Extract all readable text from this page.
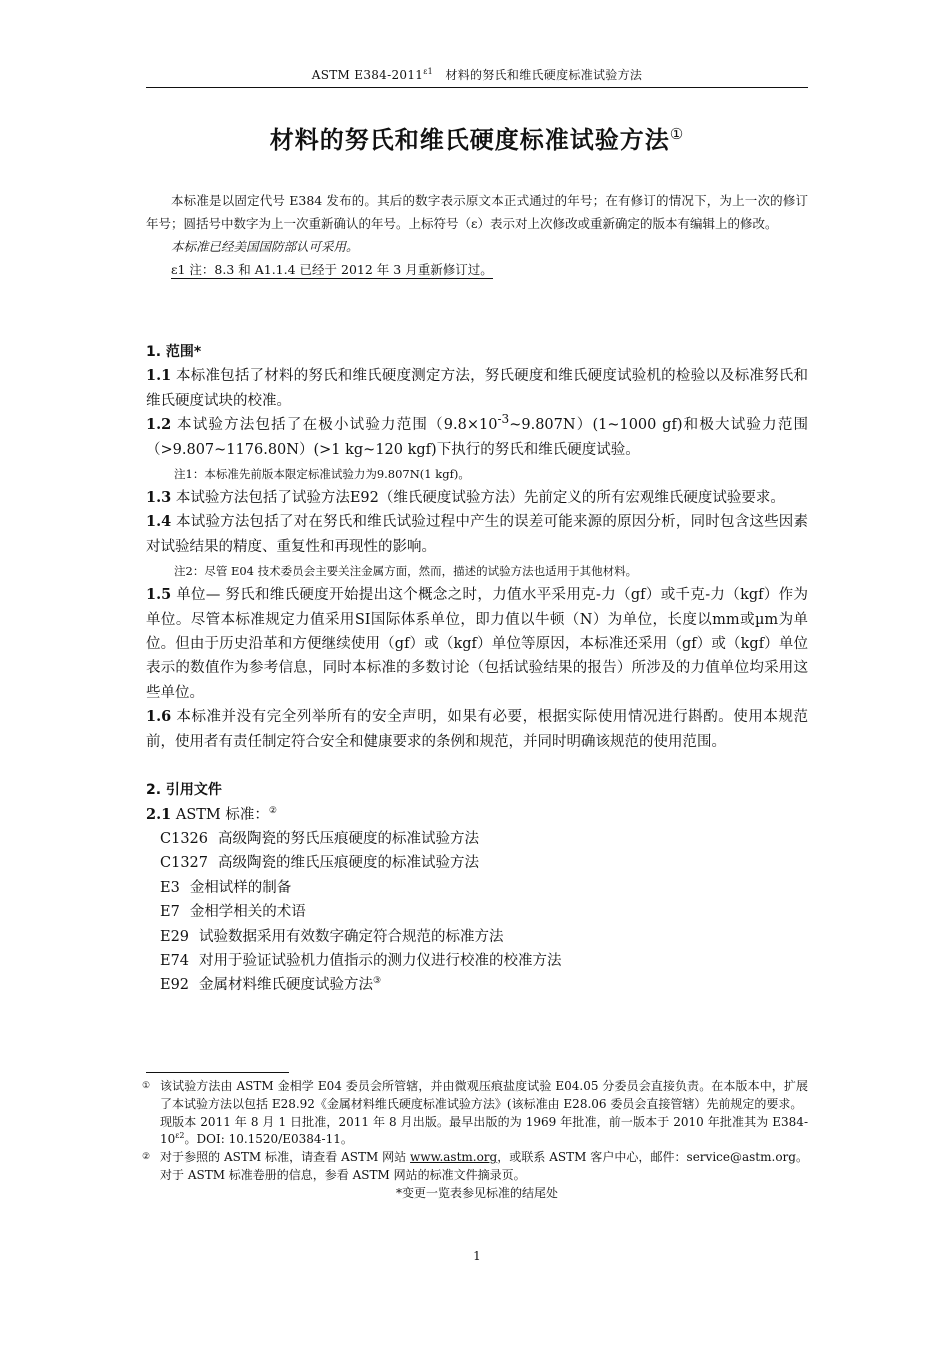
ASTM $E384-2011^{\varepsilon 1}$ 材料的努氏和维氏硬度标准试验方法
材料的努氏和维氏硬度标准试验方法①

本标准是以固定代号 E384 发布的。其后的数字表示原文本正式通过的年号；在有修订的情况下，为上一次的修订年号；圆括号中数字为上一次重新确认的年号。上标符号（ε）表示对上次修改或重新确定的版本有编辑上的修改。

本标准已经美国国防部认可采用。

ε1 注：8.3 和 A1.1.4 已经于 2012 年 3 月重新修订过。

1. 范围*

1.1 本标准包括了材料的努氏和维氏硬度测定方法，努氏硬度和维氏硬度试验机的检验以及标准努氏和维氏硬度试块的校准。

1.2 本试验方法包括了在极小试验力范围$(9.8\times 10^{-3}\sim 9.807N)(1\sim 1000$ gf)和极大试验力范围（>9.807~1176.80N）(>1 kg~120 kgf)下执行的努氏和维氏硬度试验。

注1：本标准先前版本限定标准试验力为9.807N(1 kgf)。

1.3 本试验方法包括了试验方法E92（维氏硬度试验方法）先前定义的所有宏观维氏硬度试验要求。

1.4 本试验方法包括了对在努氏和维氏试验过程中产生的误差可能来源的原因分析，同时包含这些因素对试验结果的精度、重复性和再现性的影响。

注2：尽管 E04 技术委员会主要关注金属方面，然而，描述的试验方法也适用于其他材料。

1.5 单位— 努氏和维氏硬度开始提出这个概念之时，力值水平采用克-力（gf）或千克-力（kgf）作为单位。尽管本标准规定力值采用SI国际体系单位，即力值以牛顿（N）为单位，长度以mm或µm为单位。但由于历史沿革和方便继续使用（gf）或（kgf）单位等原因，本标准还采用（gf）或（kgf）单位表示的数值作为参考信息，同时本标准的多数讨论（包括试验结果的报告）所涉及的力值单位均采用这些单位。

1.6 本标准并没有完全列举所有的安全声明，如果有必要，根据实际使用情况进行斟酌。使用本规范前，使用者有责任制定符合安全和健康要求的条例和规范，并同时明确该规范的使用范围。

2. 引用文件

2.1 ASTM 标准：②

C1326 高级陶瓷的努氏压痕硬度的标准试验方法

C1327 高级陶瓷的维氏压痕硬度的标准试验方法

E3 金相试样的制备

E7 金相学相关的术语

E29 试验数据采用有效数字确定符合规范的标准方法

E74 对用于验证试验机力值指示的测力仪进行校准的校准方法

E92 金属材料维氏硬度试验方法③

① 该试验方法由 ASTM 金相学 E04 委员会所管辖，并由微观压痕盐度试验 E04.05 分委员会直接负责。在本版本中，扩展了本试验方法以包括 E28.92《金属材料维氏硬度标准试验方法》(该标准由 E28.06 委员会直接管辖）先前规定的要求。

现版本 2011 年 8 月 1 日批准，2011 年 8 月出版。最早出版的为 1969 年批准，前一版本于 2010 年批准其为 $E384-10^{\varepsilon 2}$。DOI: 10.1520/E0384-11。

② 对于参照的 ASTM 标准，请查看 ASTM 网站 www.astm.org，或联系 ASTM 客户中心，邮件：service@astm.org。对于 ASTM 标准卷册的信息，参看 ASTM 网站的标准文件摘录页。

*变更一览表参见标准的结尾处

1
